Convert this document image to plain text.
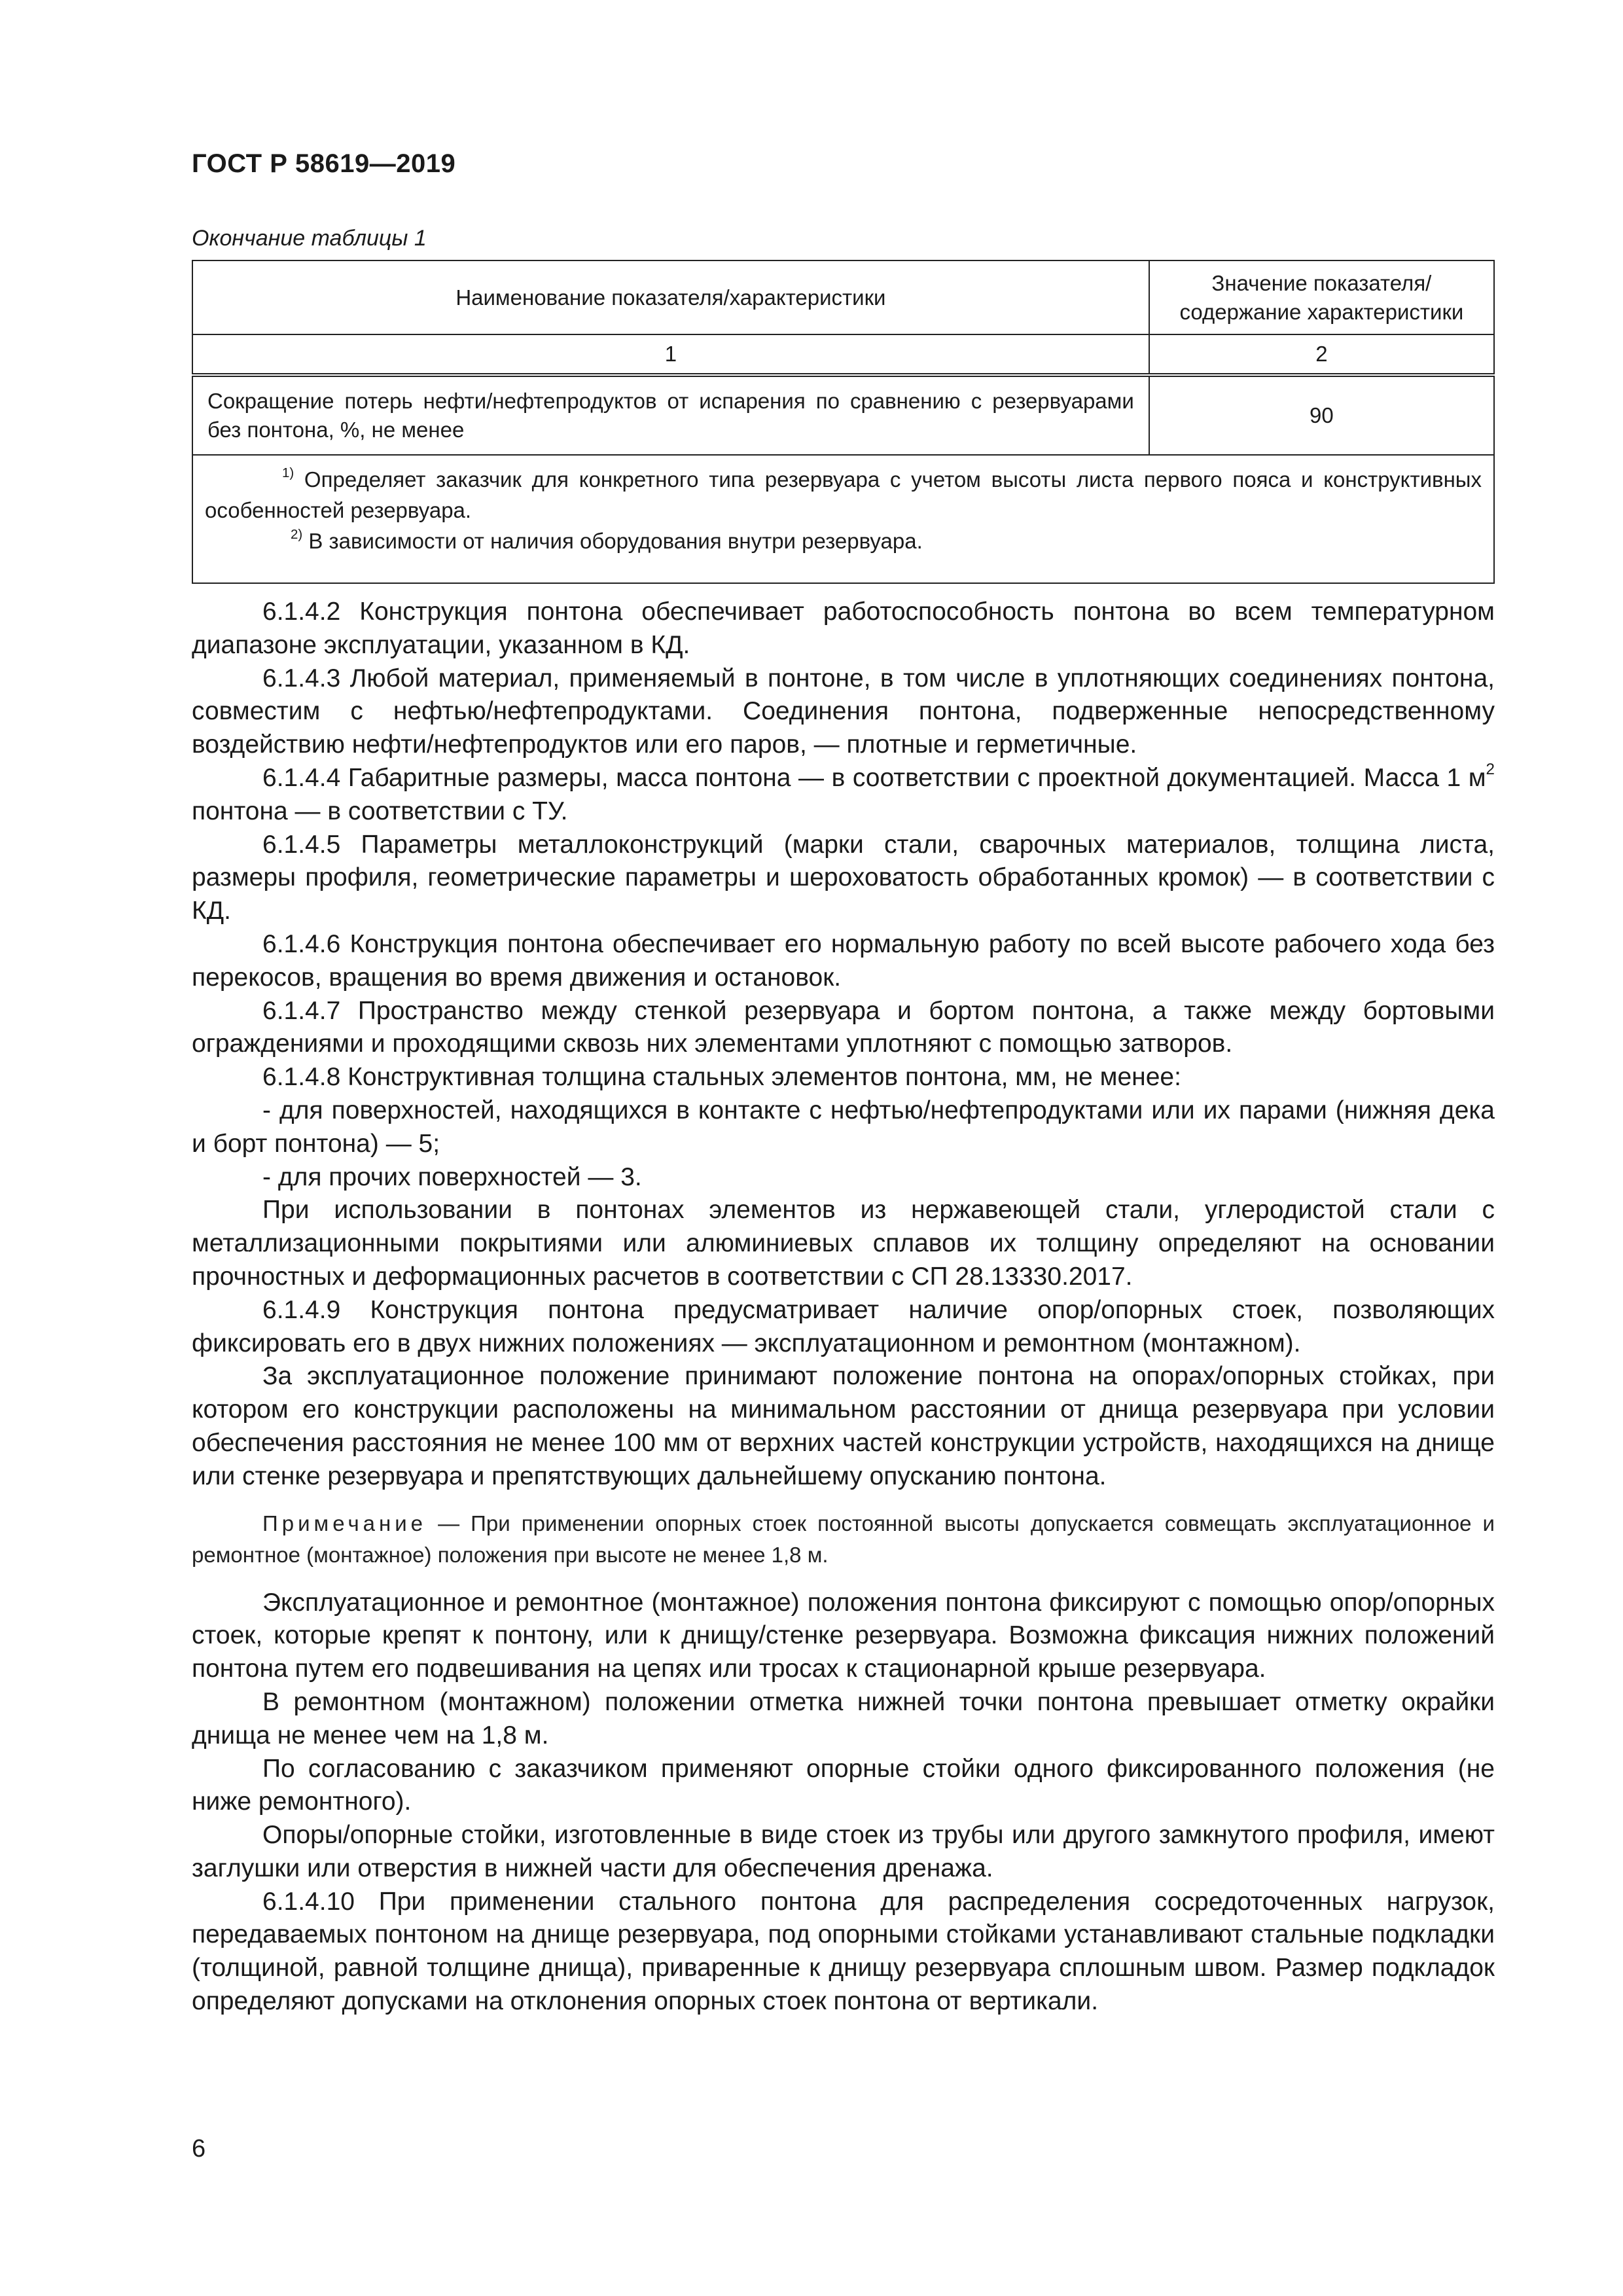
ГОСТ Р 58619—2019
Окончание таблицы 1
Наименование показателя/характеристики	Значение показателя/ содержание характеристики
1	2
Сокращение потерь нефти/нефтепродуктов от испарения по сравнению с резервуарами без понтона, %, не менее	90

$^{1)}$ Определяет заказчик для конкретного типа резервуара с учетом высоты листа первого пояса и конструктивных особенностей резервуара.
$^{2)}$ В зависимости от наличия оборудования внутри резервуара.	

6.1.4.2 Конструкция понтона обеспечивает работоспособность понтона во всем температурном диапазоне эксплуатации, указанном в КД.

6.1.4.3 Любой материал, применяемый в понтоне, в том числе в уплотняющих соединениях понтона, совместим с нефтью/нефтепродуктами. Соединения понтона, подверженные непосредственному воздействию нефти/нефтепродуктов или его паров, — плотные и герметичные.

6.1.4.4 Габаритные размеры, масса понтона — в соответствии с проектной документацией. Масса 1 $м^2$ понтона — в соответствии с ТУ.

6.1.4.5 Параметры металлоконструкций (марки стали, сварочных материалов, толщина листа, размеры профиля, геометрические параметры и шероховатость обработанных кромок) — в соответствии с КД.

6.1.4.6 Конструкция понтона обеспечивает его нормальную работу по всей высоте рабочего хода без перекосов, вращения во время движения и остановок.

6.1.4.7 Пространство между стенкой резервуара и бортом понтона, а также между бортовыми ограждениями и проходящими сквозь них элементами уплотняют с помощью затворов.

6.1.4.8 Конструктивная толщина стальных элементов понтона, мм, не менее:

- для поверхностей, находящихся в контакте с нефтью/нефтепродуктами или их парами (нижняя дека и борт понтона) — 5;

- для прочих поверхностей — 3.

При использовании в понтонах элементов из нержавеющей стали, углеродистой стали с металлизационными покрытиями или алюминиевых сплавов их толщину определяют на основании прочностных и деформационных расчетов в соответствии с СП 28.13330.2017.

6.1.4.9 Конструкция понтона предусматривает наличие опор/опорных стоек, позволяющих фиксировать его в двух нижних положениях — эксплуатационном и ремонтном (монтажном).

За эксплуатационное положение принимают положение понтона на опорах/опорных стойках, при котором его конструкции расположены на минимальном расстоянии от днища резервуара при условии обеспечения расстояния не менее 100 мм от верхних частей конструкции устройств, находящихся на днище или стенке резервуара и препятствующих дальнейшему опусканию понтона.

Примечание — При применении опорных стоек постоянной высоты допускается совмещать эксплуатационное и ремонтное (монтажное) положения при высоте не менее 1,8 м.

Эксплуатационное и ремонтное (монтажное) положения понтона фиксируют с помощью опор/опорных стоек, которые крепят к понтону, или к днищу/стенке резервуара. Возможна фиксация нижних положений понтона путем его подвешивания на цепях или тросах к стационарной крыше резервуара.

В ремонтном (монтажном) положении отметка нижней точки понтона превышает отметку окрайки днища не менее чем на 1,8 м.

По согласованию с заказчиком применяют опорные стойки одного фиксированного положения (не ниже ремонтного).

Опоры/опорные стойки, изготовленные в виде стоек из трубы или другого замкнутого профиля, имеют заглушки или отверстия в нижней части для обеспечения дренажа.

6.1.4.10 При применении стального понтона для распределения сосредоточенных нагрузок, передаваемых понтоном на днище резервуара, под опорными стойками устанавливают стальные подкладки (толщиной, равной толщине днища), приваренные к днищу резервуара сплошным швом. Размер подкладок определяют допусками на отклонения опорных стоек понтона от вертикали.

6
